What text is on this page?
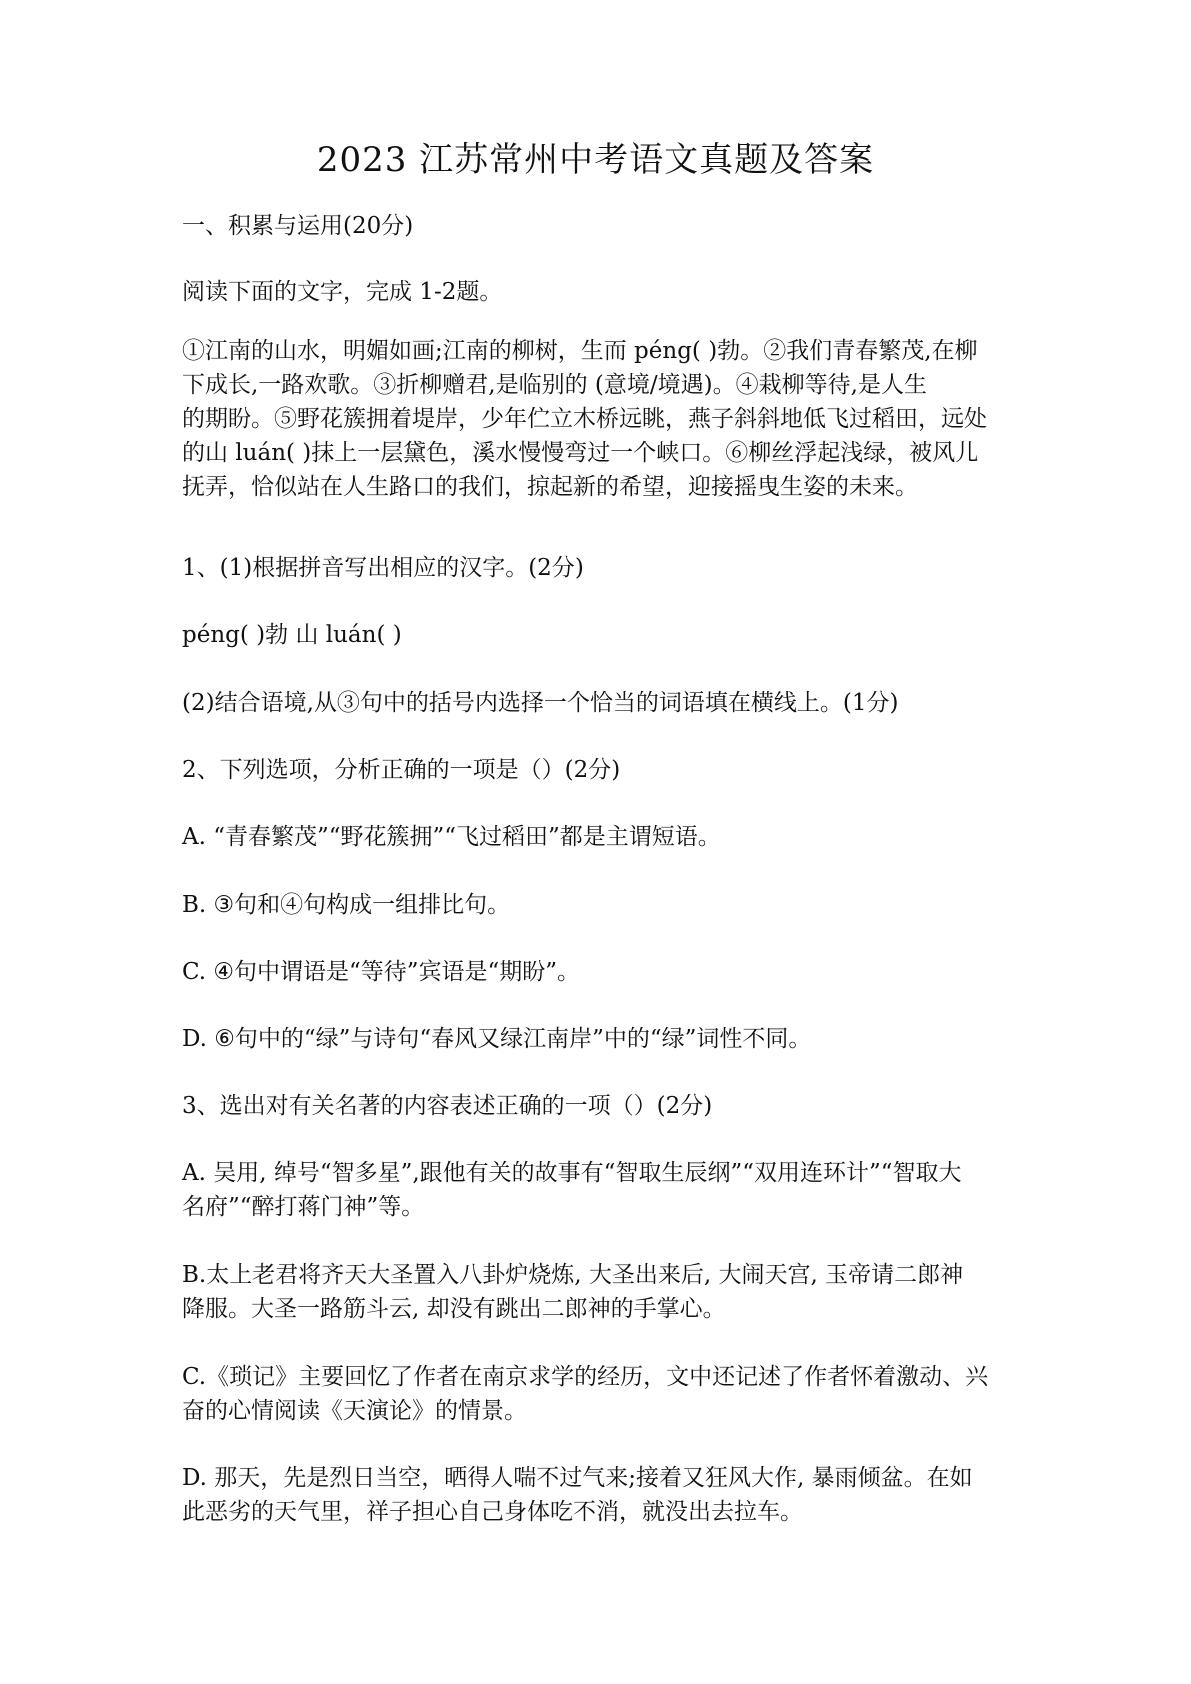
2023 江苏常州中考语文真题及答案
一、积累与运用(20分)
阅读下面的文字，完成 1-2题。
①江南的山水，明媚如画;江南的柳树，生而 péng( )勃。②我们青春繁茂,在柳
下成长,一路欢歌。③折柳赠君,是临别的 (意境/境遇)。④栽柳等待,是人生
的期盼。⑤野花簇拥着堤岸，少年伫立木桥远眺，燕子斜斜地低飞过稻田，远处
的山 luán( )抹上一层黛色，溪水慢慢弯过一个峡口。⑥柳丝浮起浅绿，被风儿
抚弄，恰似站在人生路口的我们，掠起新的希望，迎接摇曳生姿的未来。
1、(1)根据拼音写出相应的汉字。(2分)
péng( )勃 山 luán( )
(2)结合语境,从③句中的括号内选择一个恰当的词语填在横线上。(1分)
2、下列选项，分析正确的一项是（）(2分)
A. “青春繁茂”“野花簇拥”“飞过稻田”都是主谓短语。
B. ③句和④句构成一组排比句。
C. ④句中谓语是“等待”宾语是“期盼”。
D. ⑥句中的“绿”与诗句“春风又绿江南岸”中的“绿”词性不同。
3、选出对有关名著的内容表述正确的一项（）(2分)
A. 吴用, 绰号“智多星”,跟他有关的故事有“智取生辰纲”“双用连环计”“智取大
名府”“醉打蒋门神”等。
B.太上老君将齐天大圣置入八卦炉烧炼, 大圣出来后, 大闹天宫, 玉帝请二郎神
降服。大圣一路筋斗云, 却没有跳出二郎神的手掌心。
C.《琐记》主要回忆了作者在南京求学的经历，文中还记述了作者怀着激动、兴
奋的心情阅读《天演论》的情景。
D. 那天，先是烈日当空，晒得人喘不过气来;接着又狂风大作, 暴雨倾盆。在如
此恶劣的天气里，祥子担心自己身体吃不消，就没出去拉车。
